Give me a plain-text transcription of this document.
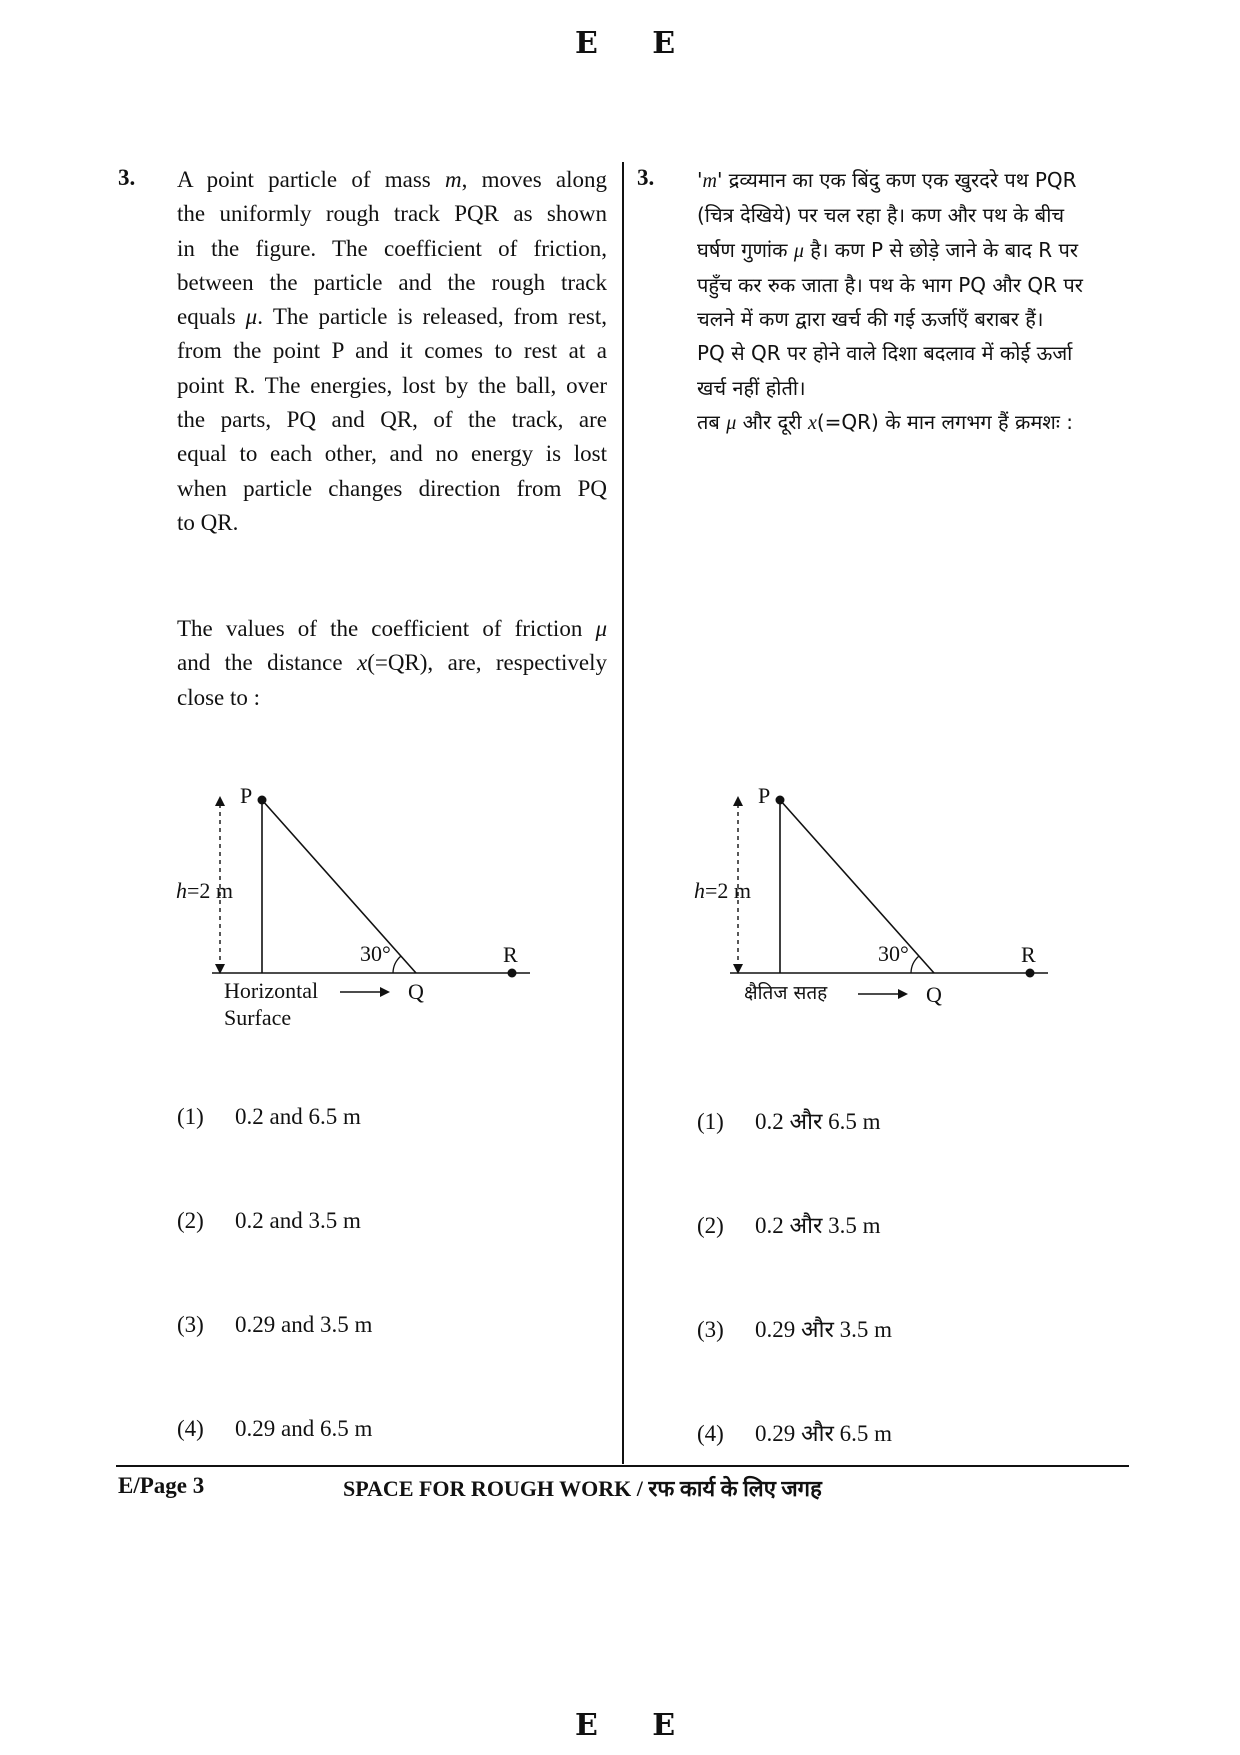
E E
3. A point particle of mass m, moves along
the uniformly rough track PQR as shown
in the figure. The coefficient of friction,
between the particle and the rough track
equals μ. The particle is released, from rest,
from the point P and it comes to rest at a
point R. The energies, lost by the ball, over
the parts, PQ and QR, of the track, are
equal to each other, and no energy is lost
when particle changes direction from PQ
to QR.
The values of the coefficient of friction μ
and the distance x(=QR), are, respectively
close to :
P
R
Q
h=2 m
30°
Horizontal
Surface
(1) 0.2 and 6.5 m
(2) 0.2 and 3.5 m
(3) 0.29 and 3.5 m
(4) 0.29 and 6.5 m
3. 'm' द्रव्यमान का एक बिंदु कण एक खुरदरे पथ PQR
(चित्र देखिये) पर चल रहा है। कण और पथ के बीच
घर्षण गुणांक μ है। कण P से छोड़े जाने के बाद R पर
पहुँच कर रुक जाता है। पथ के भाग PQ और QR पर
चलने में कण द्वारा खर्च की गई ऊर्जाएँ बराबर हैं।
PQ से QR पर होने वाले दिशा बदलाव में कोई ऊर्जा
खर्च नहीं होती।
तब μ और दूरी x(=QR) के मान लगभग हैं क्रमशः :
P
R
Q
h=2 m
30°
क्षैतिज सतह
(1) 0.2 और 6.5 m
(2) 0.2 और 3.5 m
(3) 0.29 और 3.5 m
(4) 0.29 और 6.5 m
E/Page 3	SPACE FOR ROUGH WORK / रफ कार्य के लिए जगह
E E
